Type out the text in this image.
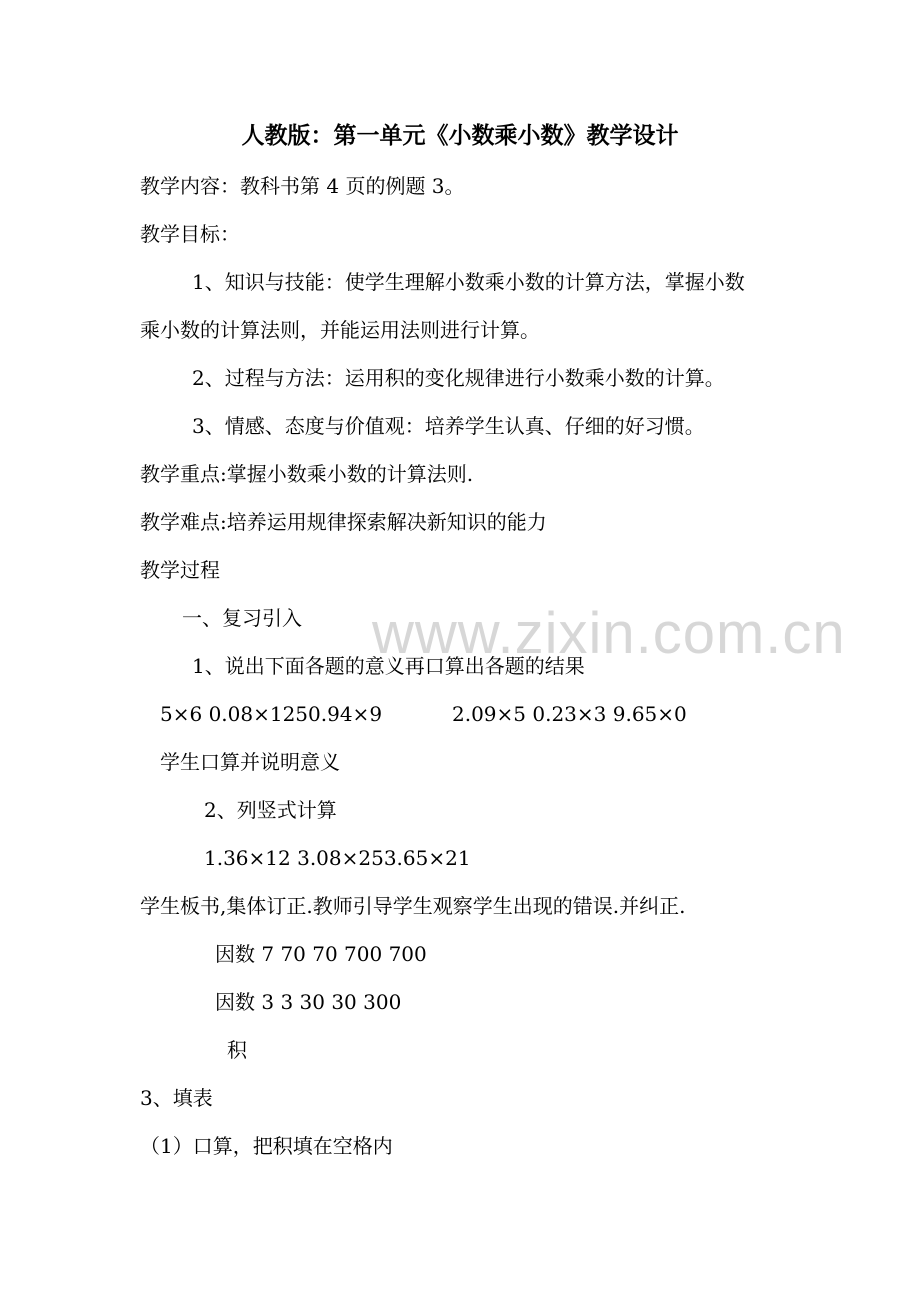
www.zixin.com.cn
人教版：第一单元《小数乘小数》教学设计
教学内容：教科书第 4 页的例题 3。
教学目标：
1、知识与技能：使学生理解小数乘小数的计算方法，掌握小数
乘小数的计算法则，并能运用法则进行计算。
2、过程与方法：运用积的变化规律进行小数乘小数的计算。
3、情感、态度与价值观：培养学生认真、仔细的好习惯。
教学重点:掌握小数乘小数的计算法则.
教学难点:培养运用规律探索解决新知识的能力
教学过程
一、复习引入
1、说出下面各题的意义再口算出各题的结果
5×6 0.08×1250.94×9	2.09×5 0.23×3 9.65×0
学生口算并说明意义
2、列竖式计算
1.36×12 3.08×253.65×21
学生板书,集体订正.教师引导学生观察学生出现的错误.并纠正.
因数 7 70 70 700 700
因数 3 3 30 30 300
积
3、填表
（1）口算，把积填在空格内
